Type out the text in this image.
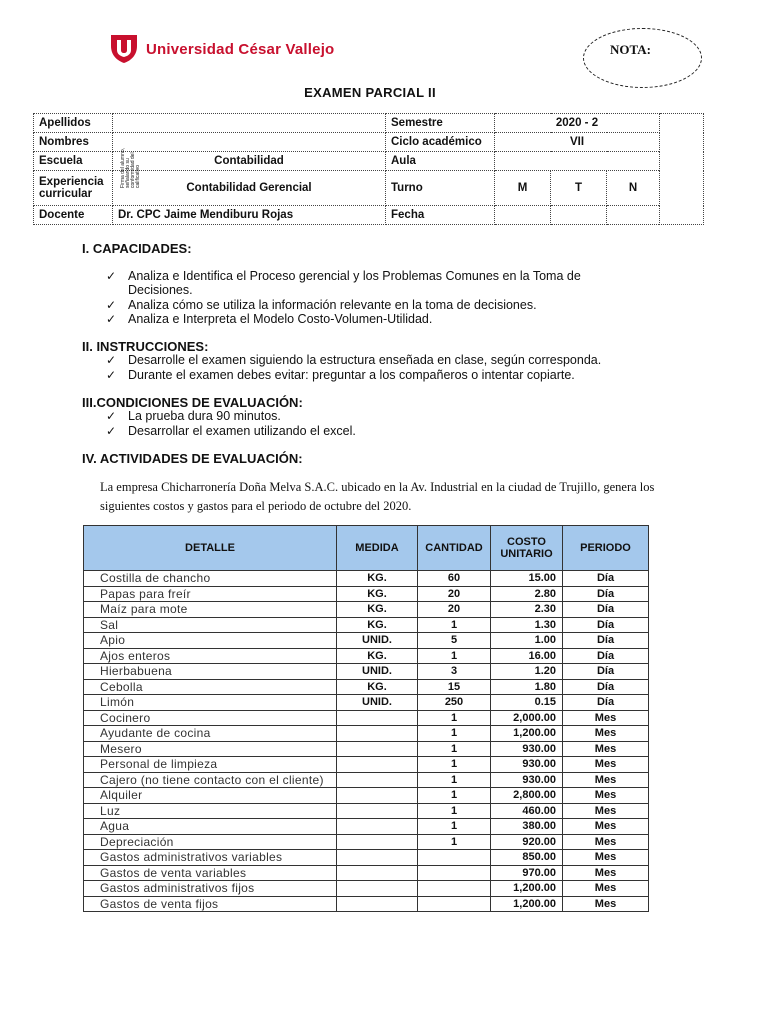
Universidad César Vallejo	NOTA:
EXAMEN PARCIAL II
Apellidos		Semestre	2020 - 2			
Nombres		Ciclo académico	VII			
Escuela	Contabilidad	Aula				
Experiencia curricular	Contabilidad Gerencial	Turno	M	T	N	
Docente	Dr. CPC Jaime Mendiburu Rojas	Fecha				
Firma del alumno, señalando su conformidad del calificativo
I. CAPACIDADES:
✓ Analiza e Identifica el Proceso gerencial y los Problemas Comunes en la Toma de Decisiones.
✓ Analiza cómo se utiliza la información relevante en la toma de decisiones.
✓ Analiza e Interpreta el Modelo Costo-Volumen-Utilidad.
II. INSTRUCCIONES:
✓ Desarrolle el examen siguiendo la estructura enseñada en clase, según corresponda.
✓ Durante el examen debes evitar: preguntar a los compañeros o intentar copiarte.
III.CONDICIONES DE EVALUACIÓN:
✓ La prueba dura 90 minutos.
✓ Desarrollar el examen utilizando el excel.
IV. ACTIVIDADES DE EVALUACIÓN:
La empresa Chicharronería Doña Melva S.A.C. ubicado en la Av. Industrial en la ciudad de Trujillo, genera los siguientes costos y gastos para el periodo de octubre del 2020.
DETALLE	MEDIDA	CANTIDAD	COSTO UNITARIO	PERIODO
Costilla de chancho	KG.	60	15.00	Día
Papas para freír	KG.	20	2.80	Día
Maíz para mote	KG.	20	2.30	Día
Sal	KG.	1	1.30	Día
Apio	UNID.	5	1.00	Día
Ajos enteros	KG.	1	16.00	Día
Hierbabuena	UNID.	3	1.20	Día
Cebolla	KG.	15	1.80	Día
Limón	UNID.	250	0.15	Día
Cocinero		1	2,000.00	Mes
Ayudante de cocina		1	1,200.00	Mes
Mesero		1	930.00	Mes
Personal de limpieza		1	930.00	Mes
Cajero (no tiene contacto con el cliente)		1	930.00	Mes
Alquiler		1	2,800.00	Mes
Luz		1	460.00	Mes
Agua		1	380.00	Mes
Depreciación		1	920.00	Mes
Gastos administrativos variables			850.00	Mes
Gastos de venta variables			970.00	Mes
Gastos administrativos fijos			1,200.00	Mes
Gastos de venta fijos			1,200.00	Mes
